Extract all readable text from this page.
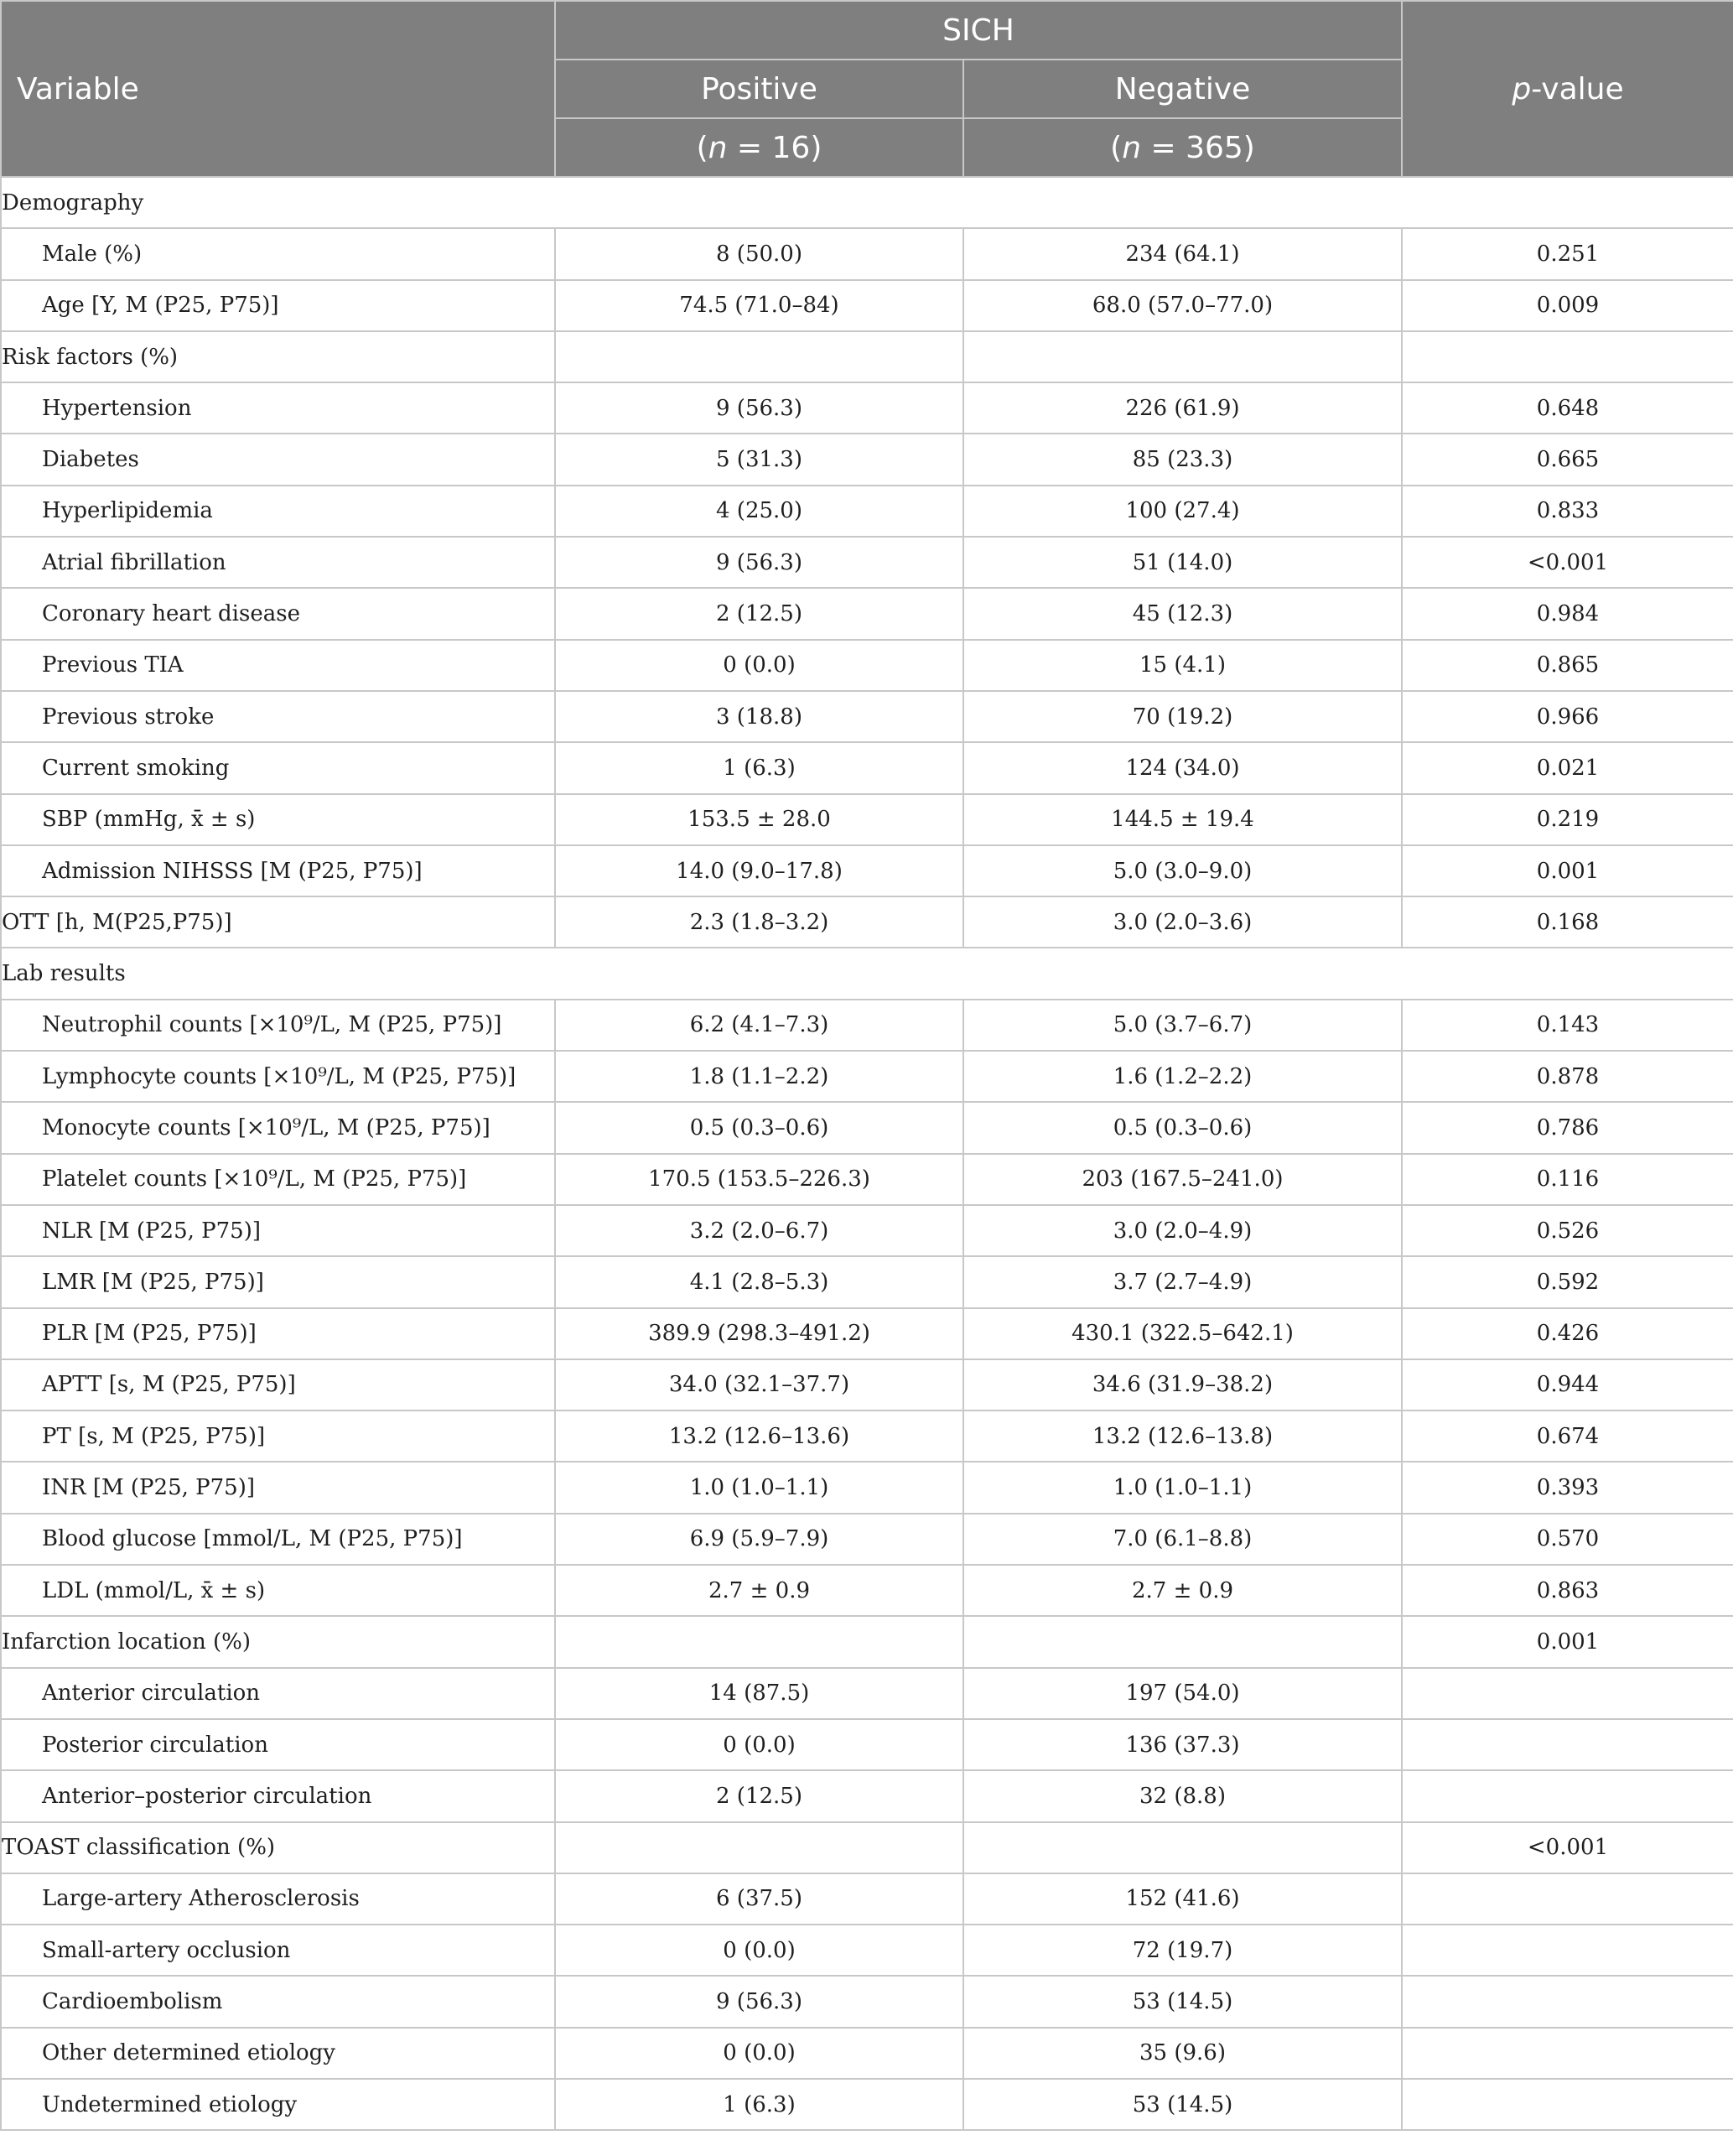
Variable	SICH		p-value
	Positive	Negative	
	(n = 16)	(n = 365)	
Demography			
Male (%)	8 (50.0)	234 (64.1)	0.251
Age [Y, M (P25, P75)]	74.5 (71.0–84)	68.0 (57.0–77.0)	0.009
Risk factors (%)			
Hypertension	9 (56.3)	226 (61.9)	0.648
Diabetes	5 (31.3)	85 (23.3)	0.665
Hyperlipidemia	4 (25.0)	100 (27.4)	0.833
Atrial fibrillation	9 (56.3)	51 (14.0)	<0.001
Coronary heart disease	2 (12.5)	45 (12.3)	0.984
Previous TIA	0 (0.0)	15 (4.1)	0.865
Previous stroke	3 (18.8)	70 (19.2)	0.966
Current smoking	1 (6.3)	124 (34.0)	0.021
SBP (mmHg, x̄ ± s)	153.5 ± 28.0	144.5 ± 19.4	0.219
Admission NIHSSS [M (P25, P75)]	14.0 (9.0–17.8)	5.0 (3.0–9.0)	0.001
OTT [h, M(P25,P75)]	2.3 (1.8–3.2)	3.0 (2.0–3.6)	0.168
Lab results			
Neutrophil counts [×10⁹/L, M (P25, P75)]	6.2 (4.1–7.3)	5.0 (3.7–6.7)	0.143
Lymphocyte counts [×10⁹/L, M (P25, P75)]	1.8 (1.1–2.2)	1.6 (1.2–2.2)	0.878
Monocyte counts [×10⁹/L, M (P25, P75)]	0.5 (0.3–0.6)	0.5 (0.3–0.6)	0.786
Platelet counts [×10⁹/L, M (P25, P75)]	170.5 (153.5–226.3)	203 (167.5–241.0)	0.116
NLR [M (P25, P75)]	3.2 (2.0–6.7)	3.0 (2.0–4.9)	0.526
LMR [M (P25, P75)]	4.1 (2.8–5.3)	3.7 (2.7–4.9)	0.592
PLR [M (P25, P75)]	389.9 (298.3–491.2)	430.1 (322.5–642.1)	0.426
APTT [s, M (P25, P75)]	34.0 (32.1–37.7)	34.6 (31.9–38.2)	0.944
PT [s, M (P25, P75)]	13.2 (12.6–13.6)	13.2 (12.6–13.8)	0.674
INR [M (P25, P75)]	1.0 (1.0–1.1)	1.0 (1.0–1.1)	0.393
Blood glucose [mmol/L, M (P25, P75)]	6.9 (5.9–7.9)	7.0 (6.1–8.8)	0.570
LDL (mmol/L, x̄ ± s)	2.7 ± 0.9	2.7 ± 0.9	0.863
Infarction location (%)			0.001
Anterior circulation	14 (87.5)	197 (54.0)	
Posterior circulation	0 (0.0)	136 (37.3)	
Anterior–posterior circulation	2 (12.5)	32 (8.8)	
TOAST classification (%)			<0.001
Large-artery Atherosclerosis	6 (37.5)	152 (41.6)	
Small-artery occlusion	0 (0.0)	72 (19.7)	
Cardioembolism	9 (56.3)	53 (14.5)	
Other determined etiology	0 (0.0)	35 (9.6)	
Undetermined etiology	1 (6.3)	53 (14.5)	
